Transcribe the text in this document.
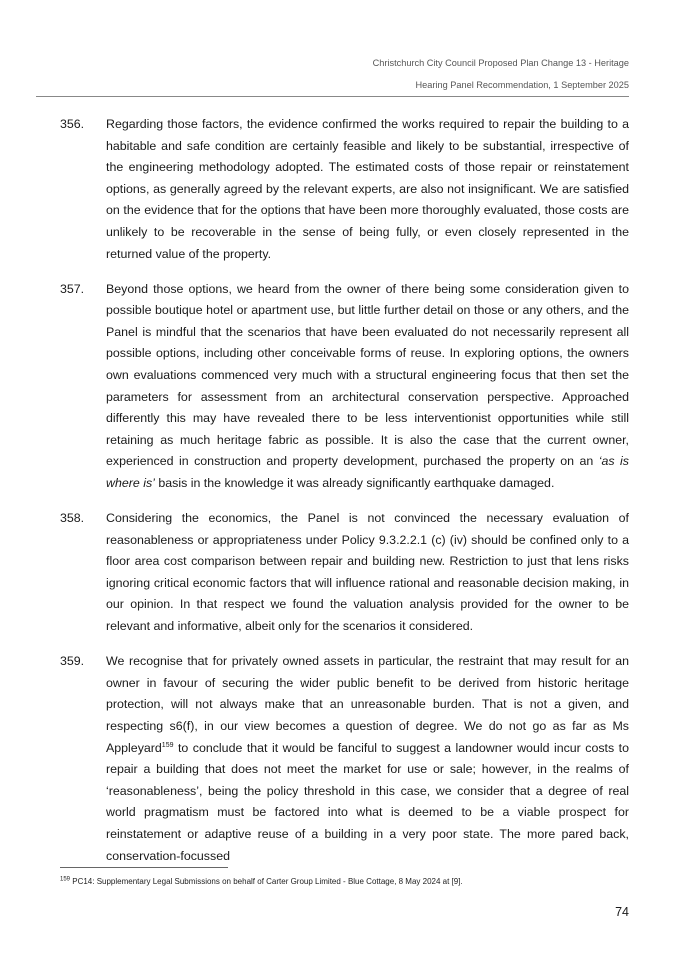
Christchurch City Council Proposed Plan Change 13 - Heritage
Hearing Panel Recommendation, 1 September 2025
356.	Regarding those factors, the evidence confirmed the works required to repair the building to a habitable and safe condition are certainly feasible and likely to be substantial, irrespective of the engineering methodology adopted. The estimated costs of those repair or reinstatement options, as generally agreed by the relevant experts, are also not insignificant. We are satisfied on the evidence that for the options that have been more thoroughly evaluated, those costs are unlikely to be recoverable in the sense of being fully, or even closely represented in the returned value of the property.
357.	Beyond those options, we heard from the owner of there being some consideration given to possible boutique hotel or apartment use, but little further detail on those or any others, and the Panel is mindful that the scenarios that have been evaluated do not necessarily represent all possible options, including other conceivable forms of reuse. In exploring options, the owners own evaluations commenced very much with a structural engineering focus that then set the parameters for assessment from an architectural conservation perspective. Approached differently this may have revealed there to be less interventionist opportunities while still retaining as much heritage fabric as possible. It is also the case that the current owner, experienced in construction and property development, purchased the property on an ‘as is where is’ basis in the knowledge it was already significantly earthquake damaged.
358.	Considering the economics, the Panel is not convinced the necessary evaluation of reasonableness or appropriateness under Policy 9.3.2.2.1 (c) (iv) should be confined only to a floor area cost comparison between repair and building new. Restriction to just that lens risks ignoring critical economic factors that will influence rational and reasonable decision making, in our opinion. In that respect we found the valuation analysis provided for the owner to be relevant and informative, albeit only for the scenarios it considered.
359.	We recognise that for privately owned assets in particular, the restraint that may result for an owner in favour of securing the wider public benefit to be derived from historic heritage protection, will not always make that an unreasonable burden. That is not a given, and respecting s6(f), in our view becomes a question of degree. We do not go as far as Ms Appleyard$^{159}$ to conclude that it would be fanciful to suggest a landowner would incur costs to repair a building that does not meet the market for use or sale; however, in the realms of ‘reasonableness’, being the policy threshold in this case, we consider that a degree of real world pragmatism must be factored into what is deemed to be a viable prospect for reinstatement or adaptive reuse of a building in a very poor state. The more pared back, conservation-focussed
$^{159}$ PC14: Supplementary Legal Submissions on behalf of Carter Group Limited - Blue Cottage, 8 May 2024 at [9].
74
